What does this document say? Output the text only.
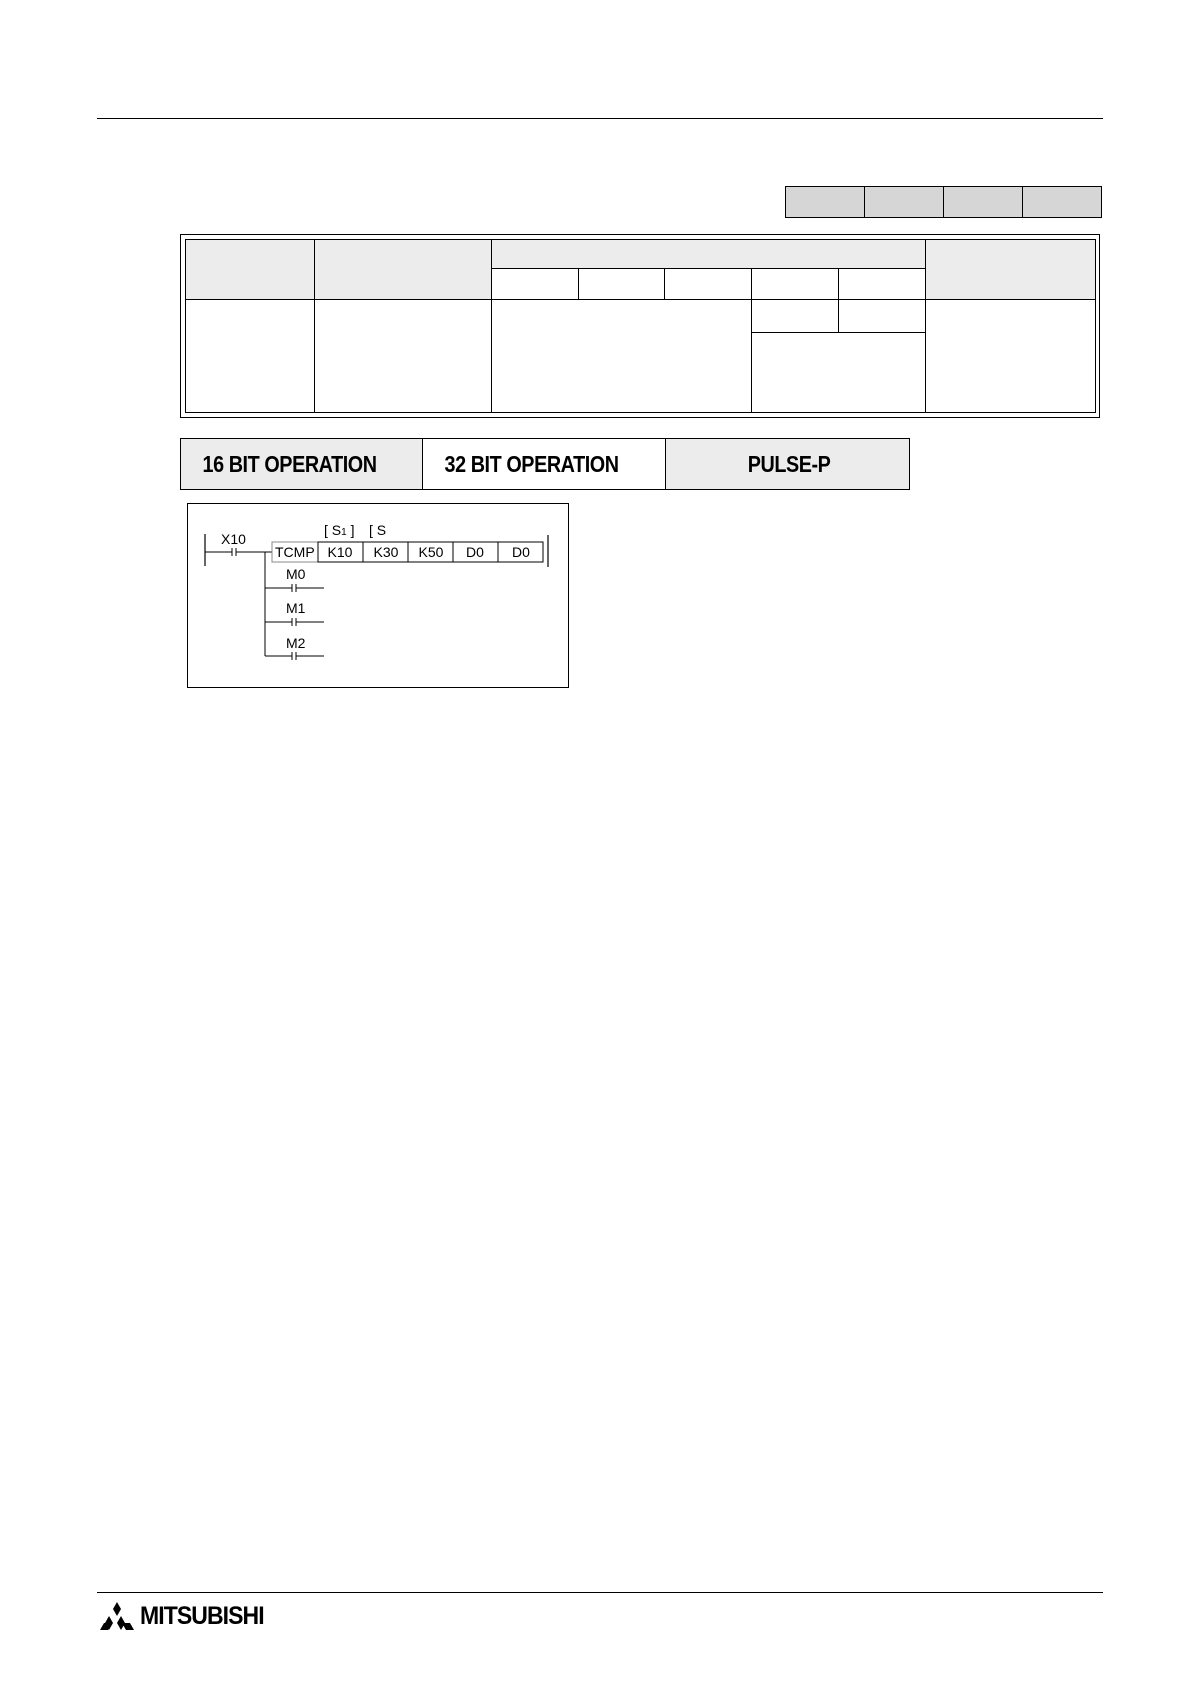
16 BIT OPERATION	32 BIT OPERATION	PULSE-P
X10
TCMP K10 K30 K50 D0 D0
[ S1 ] [ S
M0
M1
M2
MITSUBISHI
